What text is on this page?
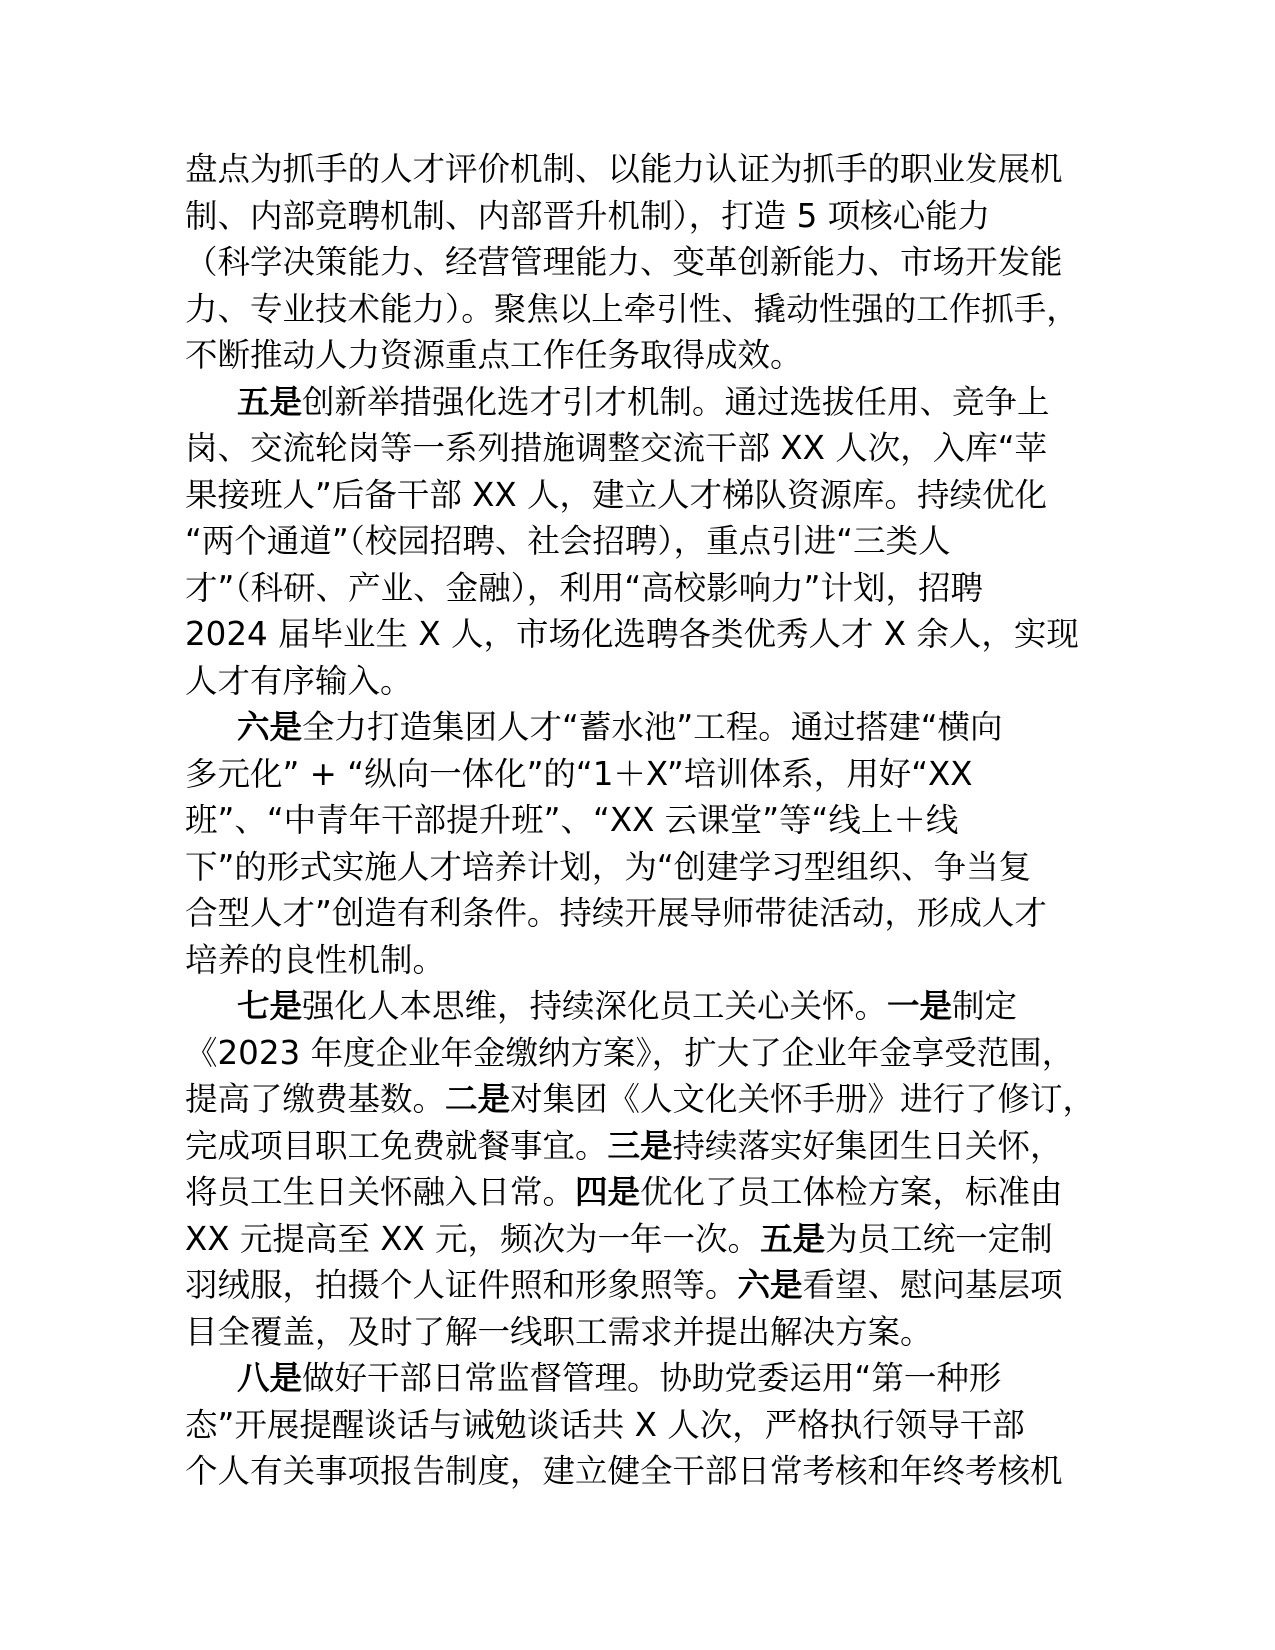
盘点为抓手的人才评价机制、以能力认证为抓手的职业发展机
制、内部竞聘机制、内部晋升机制），打造 5 项核心能力
（科学决策能力、经营管理能力、变革创新能力、市场开发能
力、专业技术能力）。聚焦以上牵引性、撬动性强的工作抓手，
不断推动人力资源重点工作任务取得成效。
五是创新举措强化选才引才机制。通过选拔任用、竞争上
岗、交流轮岗等一系列措施调整交流干部 XX 人次，入库“苹
果接班人”后备干部 XX 人，建立人才梯队资源库。持续优化
“两个通道”（校园招聘、社会招聘），重点引进“三类人
才”（科研、产业、金融），利用“高校影响力”计划，招聘
2024 届毕业生 X 人，市场化选聘各类优秀人才 X 余人，实现
人才有序输入。
六是全力打造集团人才“蓄水池”工程。通过搭建“横向
多元化” + “纵向一体化”的“1＋X”培训体系，用好“XX
班”、“中青年干部提升班”、“XX 云课堂”等“线上＋线
下”的形式实施人才培养计划，为“创建学习型组织、争当复
合型人才”创造有利条件。持续开展导师带徒活动，形成人才
培养的良性机制。
七是强化人本思维，持续深化员工关心关怀。一是制定
《2023 年度企业年金缴纳方案》，扩大了企业年金享受范围，
提高了缴费基数。二是对集团《人文化关怀手册》进行了修订，
完成项目职工免费就餐事宜。三是持续落实好集团生日关怀，
将员工生日关怀融入日常。四是优化了员工体检方案，标准由
XX 元提高至 XX 元，频次为一年一次。五是为员工统一定制
羽绒服，拍摄个人证件照和形象照等。六是看望、慰问基层项
目全覆盖，及时了解一线职工需求并提出解决方案。
八是做好干部日常监督管理。协助党委运用“第一种形
态”开展提醒谈话与诫勉谈话共 X 人次，严格执行领导干部
个人有关事项报告制度，建立健全干部日常考核和年终考核机
